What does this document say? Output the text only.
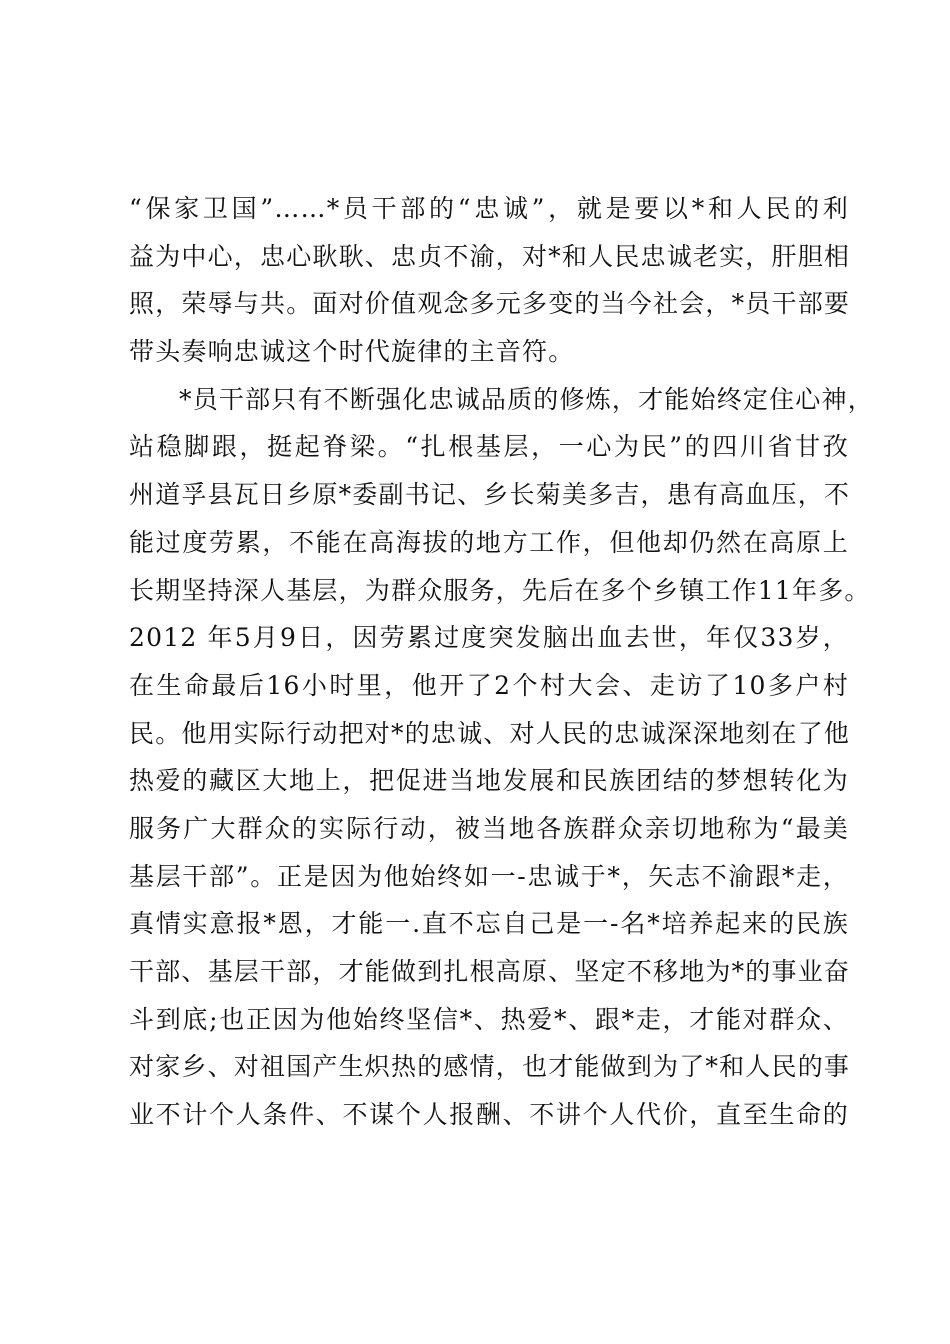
“保家卫国”……*员干部的“忠诚”，就是要以*和人民的利
益为中心，忠心耿耿、忠贞不渝，对*和人民忠诚老实，肝胆相
照，荣辱与共。面对价值观念多元多变的当今社会，*员干部要
带头奏响忠诚这个时代旋律的主音符。
*员干部只有不断强化忠诚品质的修炼，才能始终定住心神，
站稳脚跟，挺起脊梁。“扎根基层，一心为民”的四川省甘孜
州道孚县瓦日乡原*委副书记、乡长菊美多吉，患有高血压，不
能过度劳累，不能在高海拔的地方工作，但他却仍然在高原上
长期坚持深人基层，为群众服务，先后在多个乡镇工作11年多。
2012 年5月9日，因劳累过度突发脑出血去世，年仅33岁，
在生命最后16小时里，他开了2个村大会、走访了10多户村
民。他用实际行动把对*的忠诚、对人民的忠诚深深地刻在了他
热爱的藏区大地上，把促进当地发展和民族团结的梦想转化为
服务广大群众的实际行动，被当地各族群众亲切地称为“最美
基层干部”。正是因为他始终如一-忠诚于*，矢志不渝跟*走，
真情实意报*恩，才能一.直不忘自己是一-名*培养起来的民族
干部、基层干部，才能做到扎根高原、坚定不移地为*的事业奋
斗到底;也正因为他始终坚信*、热爱*、跟*走，才能对群众、
对家乡、对祖国产生炽热的感情，也才能做到为了*和人民的事
业不计个人条件、不谋个人报酬、不讲个人代价，直至生命的
